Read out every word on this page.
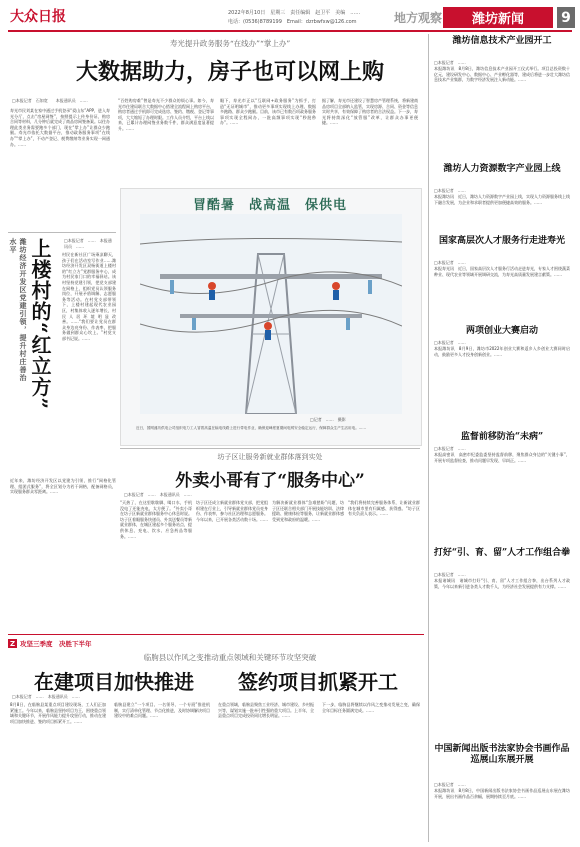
大众日报	2022年8月10日　星期三　责任编辑　赵卫平　美编　……
电话：(0536)8789199　Email：dzrbwfxw@126.com	地方观察	潍坊新闻	9
寿光提升政务服务“在线办”“掌上办”
大数据助力，房子也可以网上购
□本报记者　石如宽　　本报通讯员　……
寿光市民刘某在家中通过手机登录“爱山东”APP，进入寿光分厅，点击“房屋网签”，按照提示上传身份证、购房合同等材料，几分钟后就完成了商品房网签备案。以往办理此类业务需要跑多个部门，现在“掌上办”让群众少跑腿。寿光市依托大数据平台，推动政务服务事项“在线办”“掌上办”，不动产登记、税费缴纳等业务实现一网通办。……
“百姓购房难”曾是寿光不少群众的烦心事。如今，寿光市住建局联合大数据中心搭建全流程网上购房平台，购房者通过手机即可完成选房、签约、缴税、登记等事项，大大缩短了办理时限。工作人员介绍，平台上线以来，已累计办理网签业务数千件，群众满意度显著提升。……
眼下，寿光市正以“互联网+政务服务”为抓手，打造“无证明城市”，推动更多事项实现线上办理、数据多跑路、群众少跑腿。目前，该市已有数百项政务服务事项实现全程网办，一批高频事项实现“秒批秒办”。……
据了解，寿光市还建设了智慧房产管理系统，将新建商品房项目全部纳入监管，实现房源、合同、资金等信息实时共享，有效保障了购房者的合法权益。下一步，寿光将持续深化“放管服”改革，让群众办事更便捷。……
潍坊经济开发区党建引领，提升村庄善治水平 上楼村的“红立方”	□本报记者　……　本报通讯员　……
村民在新社区广场乘凉聊天，孩子们在活动室写作业……潍坊经济开发区双杨街道上楼村的“红立方”党群服务中心，成为村民家门口的幸福驿站。该村坚持党建引领，把党支部建在网格上，组织党员认领服务岗位，开展矛盾调解、志愿服务等活动。在村党支部带领下，上楼村建起现代农业园区，村集体收入逐年增长，村民人居环境明显改善。……“我们要让党员在群众身边亮身份、作表率，把服务做到群众心坎上。”村党支部书记说。……
近年来，潍坊经济开发区以党建为引领，推行“网格化管理、组团式服务”，将全区划分为若干网格，配备网格员，实现服务群众零距离。……
冒酷暑　战高温　保供电
□记者　……　摄影
近日，国网潍坊供电公司组织电力工人冒着高温在输电线路上进行带电作业，确保迎峰度夏期间电网安全稳定运行，保障群众生产生活用电。……
坊子区让服务新就业群体落到实处
外卖小哥有了“服务中心”
□本报记者　……　本报通讯员　……
“天热了，在这里歇歇脚、喝口水，手机没电了还能充电，太方便了。”外卖小哥在坊子区新就业群体服务中心休息时说。坊子区着眼服务快递员、外卖送餐员等新就业群体，在城区建起多个服务站点，提供休息、充电、饮水、应急药品等服务。……
坊子区还成立新就业群体党支部，把党组织建在行业上，引导新就业群体党员亮身份、作表率，参与社区治理和志愿服务。今年以来，已开展各类活动数十场。……
为解决新就业群体“急难愁盼”问题，坊子区还联合相关部门开展技能培训、法律援助、健康体检等服务，让新就业群体感受到党和政府的温暖。……
“我们将持续完善服务体系，让新就业群体在城市里有归属感、获得感。”坊子区有关负责人表示。……
Z 攻坚三季度　决胜下半年
临朐县以作风之变推动重点领域和关键环节攻坚突破
在建项目加快推进	签约项目抓紧开工
□本报记者　……　本报通讯员　……
8月8日，在临朐县某重点项目建设现场，工人们正加紧施工。今年以来，临朐县坚持项目为王，围绕重点领域和关键环节，开展作风能力提升攻坚行动，推动在建项目加快推进、签约项目抓紧开工。……
临朐县建立“一个项目、一名领导、一个专班”推进机制，实行清单化管理、节点化推进，及时协调解决项目建设中的难点问题。……
在重点领域，临朐县聚焦工业经济、城市建设、乡村振兴等，谋划实施一批牵引性强的重大项目。上半年，全县重点项目完成投资同比增长明显。……
下一步，临朐县将继续以作风之变推动发展之变，确保全年目标任务圆满完成。……
潍坊信息技术产业园开工
□本报记者　……
本报潍坊讯　8月8日，潍坊信息技术产业园开工仪式举行。项目总投资数十亿元，建设研发中心、数据中心、产业孵化器等，建成后将进一步壮大潍坊信息技术产业集群，为数字经济发展注入新动能。……
潍坊人力资源数字产业园上线
□本报记者　……
本报潍坊讯　近日，潍坊人力资源数字产业园上线，实现人力资源服务线上线下融合发展，为企业和求职者提供更加便捷高效的服务。……
国家高层次人才服务行走进寿光
□本报记者　……
本报寿光讯　近日，国家高层次人才服务行活动走进寿光，专家人才围绕蔬菜种业、现代农业等领域开展调研交流，为寿光高质量发展建言献策。……
两项创业大赛启动
□本报记者　……
本报潍坊讯　8月9日，潍坊市2022年创业大赛和返乡入乡创业大赛同时启动，鼓励更多人才投身创新创业。……
监督前移防治“未病”
□本报记者　……
本报高密讯　高密市纪委监委坚持监督前移，聚焦群众身边的“关键小事”，开展专项监督检查，推动问题早发现、早纠正。……
打好“引、育、留”人才工作组合拳
□本报记者　……
本报诸城讯　诸城市打好“引、育、留”人才工作组合拳，出台系列人才政策，今年以来新引进各类人才数千人，为经济社会发展提供有力支撑。……
中国新闻出版书法家协会书画作品巡展山东展开展
□本报记者　……
本报潍坊讯　8月8日，中国新闻出版书法家协会书画作品巡展山东展在潍坊开展，展出书画作品百余幅，展期持续至月底。……
